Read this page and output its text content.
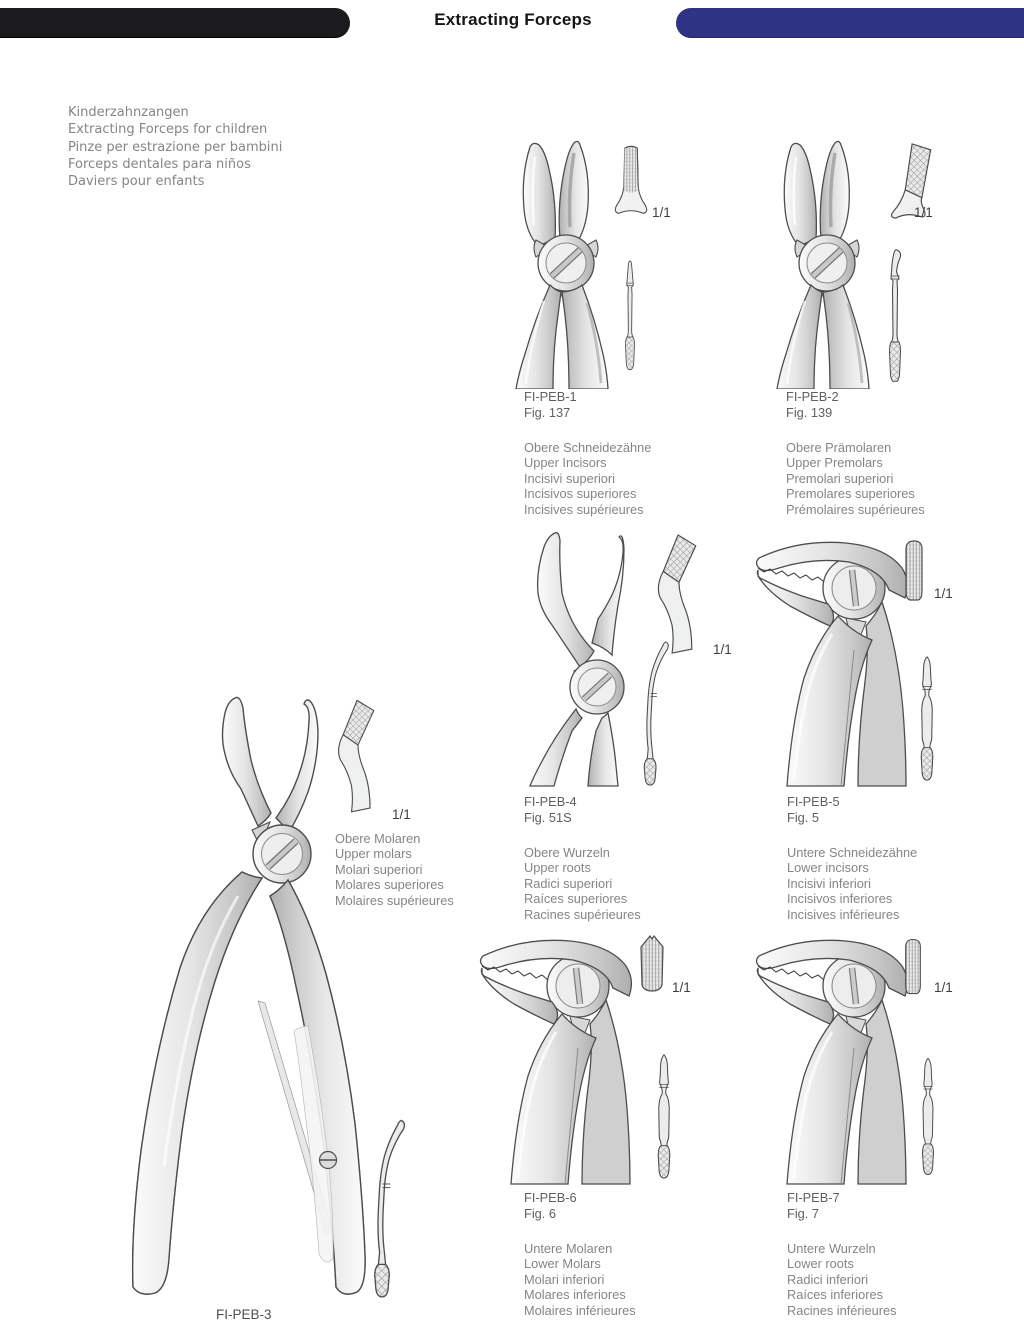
Extracting Forceps
Kinderzahnzangen
Extracting Forceps for children
Pinze per estrazione per bambini
Forceps dentales para niños
Daviers pour enfants
1/1
FI-PEB-1
Fig. 137
Obere Schneidezähne
Upper Incisors
Incisivi superiori
Incisivos superiores
Incisives supérieures
1/1
FI-PEB-2
Fig. 139
Obere Prämolaren
Upper Premolars
Premolari superiori
Premolares superiores
Prémolaires supérieures
1/1
Obere Molaren
Upper molars
Molari superiori
Molares superiores
Molaires supérieures
FI-PEB-3
1/1
FI-PEB-4
Fig. 51S
Obere Wurzeln
Upper roots
Radici superiori
Raíces superiores
Racines supérieures
1/1
FI-PEB-5
Fig. 5
Untere Schneidezähne
Lower incisors
Incisivi inferiori
Incisivos inferiores
Incisives inférieures
1/1
FI-PEB-6
Fig. 6
Untere Molaren
Lower Molars
Molari inferiori
Molares inferiores
Molaires inférieures
1/1
FI-PEB-7
Fig. 7
Untere Wurzeln
Lower roots
Radici inferiori
Raíces inferiores
Racines inférieures
